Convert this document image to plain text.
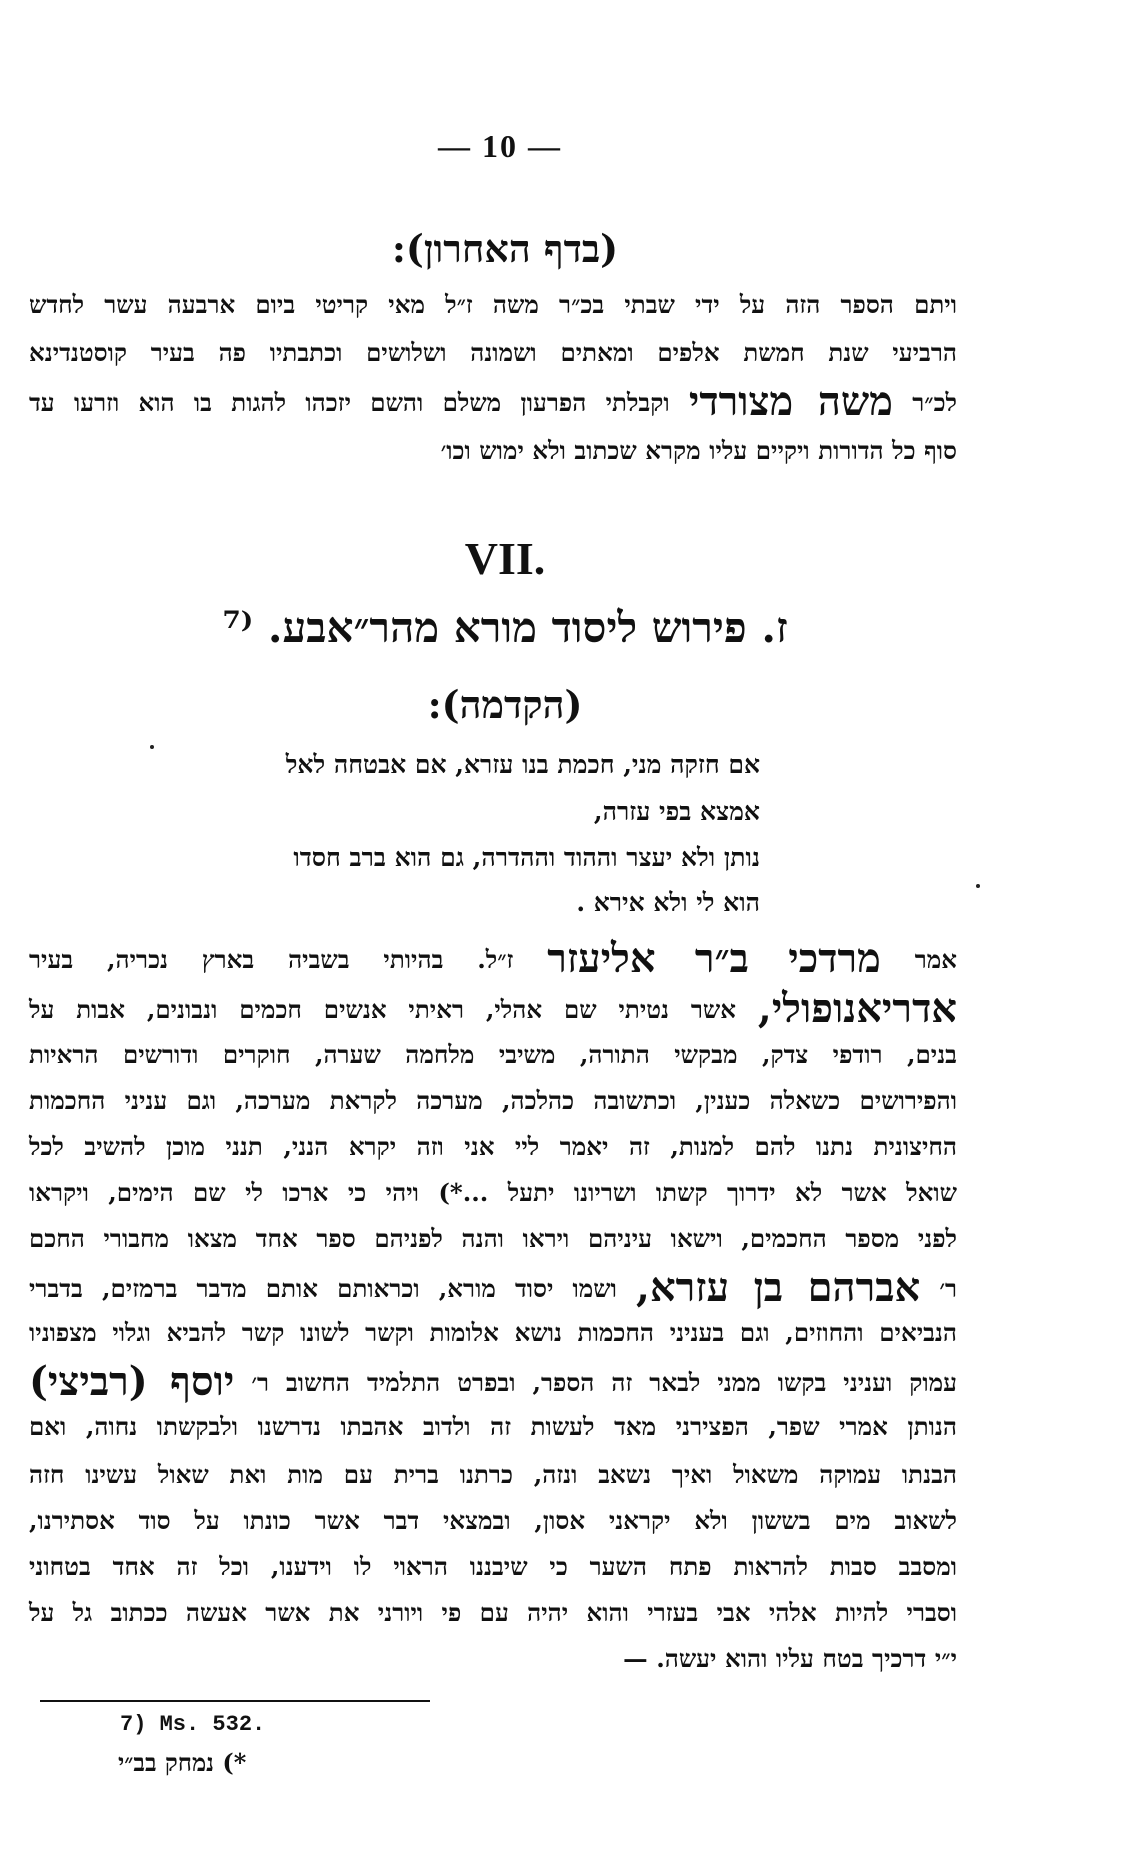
— 10 —
(בדף האחרון):
ויתם הספר הזה על ידי שבתי בכ״ר משה ז״ל מאי קריטי ביום ארבעה עשר לחדש
הרביעי שנת חמשת אלפים ומאתים ושמונה ושלושים וכתבתיו פה בעיר קוסטנדינא
לכ״ר משה מצורדי וקבלתי הפרעון משלם והשם יזכהו להגות בו הוא וזרעו עד
סוף כל הדורות ויקיים עליו מקרא שכתוב ולא ימוש וכו׳
VII.
ז. פירוש ליסוד מורא מהר״אבע. ⁽⁷
(הקדמה):
אם חזקה מני, חכמת בנו עזרא, אם אבטחה לאל
אמצא בפי עזרה,
נותן ולא יעצר וההוד וההדרה, גם הוא ברב חסדו
הוא לי ולא אירא .
אמר מרדכי ב״ר אליעזר ז״ל. בהיותי בשביה בארץ נכריה, בעיר
אדריאנופולי, אשר נטיתי שם אהלי, ראיתי אנשים חכמים ונבונים, אבות על
בנים, רודפי צדק, מבקשי התורה, משיבי מלחמה שערה, חוקרים ודורשים הראיות
והפירושים כשאלה כענין, וכתשובה כהלכה, מערכה לקראת מערכה, וגם עניני החכמות
החיצונית נתנו להם למנות, זה יאמר ליי אני וזה יקרא הנני, תנני מוכן להשיב לכל
שואל אשר לא ידרוך קשתו ושריונו יתעל ...*) ויהי כי ארכו לי שם הימים, ויקראו
לפני מספר החכמים, וישאו עיניהם ויראו והנה לפניהם ספר אחד מצאו מחבורי החכם
ר׳ אברהם בן עזרא, ושמו יסוד מורא, וכראותם אותם מדבר ברמזים, בדברי
הנביאים והחוזים, וגם בעניני החכמות נושא אלומות וקשר לשונו קשר להביא וגלוי מצפוניו
עמוק ועניני בקשו ממני לבאר זה הספר, ובפרט התלמיד החשוב ר׳ יוסף (רביצי)
הנותן אמרי שפר, הפצירני מאד לעשות זה ולדוב אהבתו נדרשנו ולבקשתו נחוה, ואם
הבנתו עמוקה משאול ואיך נשאב ונזה, כרתנו ברית עם מות ואת שאול עשינו חזה
לשאוב מים בששון ולא יקראני אסון, ובמצאי דבר אשר כונתו על סוד אסתירנו,
ומסבב סבות להראות פתח השער כי שיבננו הראוי לו וידענו, וכל זה אחד בטחוני
וסברי להיות אלהי אבי בעזרי והוא יהיה עם פי ויורני את אשר אעשה ככתוב גל על
י״י דרכיך בטח עליו והוא יעשה. —
7) Ms. 532.
*) נמחק בב״י
